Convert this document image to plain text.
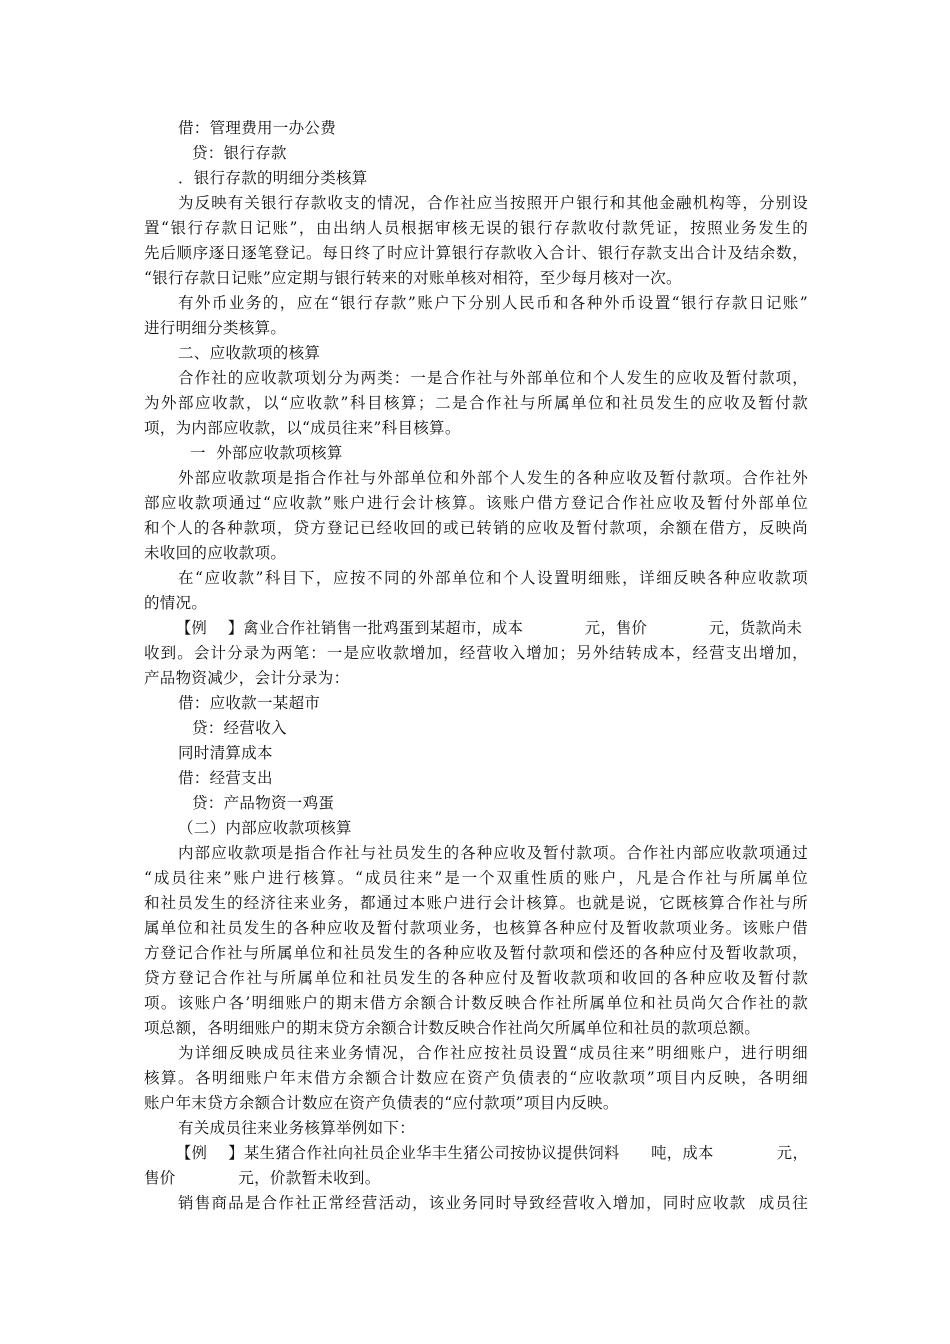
借：管理费用一办公费
贷：银行存款
．银行存款的明细分类核算
为反映有关银行存款收支的情况，合作社应当按照开户银行和其他金融机构等，分别设
置“银行存款日记账”，由出纳人员根据审核无误的银行存款收付款凭证，按照业务发生的
先后顺序逐日逐笔登记。每日终了时应计算银行存款收入合计、银行存款支出合计及结余数，
“银行存款日记账”应定期与银行转来的对账单核对相符，至少每月核对一次。
有外币业务的，应在“银行存款”账户下分别人民币和各种外币设置“银行存款日记账”
进行明细分类核算。
二、应收款项的核算
合作社的应收款项划分为两类：一是合作社与外部单位和个人发生的应收及暂付款项，
为外部应收款，以“应收款”科目核算；二是合作社与所属单位和社员发生的应收及暂付款
项，为内部应收款，以“成员往来”科目核算。
一  外部应收款项核算
外部应收款项是指合作社与外部单位和外部个人发生的各种应收及暂付款项。合作社外
部应收款项通过“应收款”账户进行会计核算。该账户借方登记合作社应收及暂付外部单位
和个人的各种款项，贷方登记已经收回的或已转销的应收及暂付款项，余额在借方，反映尚
未收回的应收款项。
在“应收款”科目下，应按不同的外部单位和个人设置明细账，详细反映各种应收款项
的情况。
【例    】禽业合作社销售一批鸡蛋到某超市，成本            元，售价            元，货款尚未
收到。会计分录为两笔：一是应收款增加，经营收入增加；另外结转成本，经营支出增加，
产品物资减少，会计分录为：
借：应收款一某超市
贷：经营收入
同时清算成本
借：经营支出
贷：产品物资一鸡蛋
（二）内部应收款项核算
内部应收款项是指合作社与社员发生的各种应收及暂付款项。合作社内部应收款项通过
“成员往来”账户进行核算。“成员往来”是一个双重性质的账户，凡是合作社与所属单位
和社员发生的经济往来业务，都通过本账户进行会计核算。也就是说，它既核算合作社与所
属单位和社员发生的各种应收及暂付款项业务，也核算各种应付及暂收款项业务。该账户借
方登记合作社与所属单位和社员发生的各种应收及暂付款项和偿还的各种应付及暂收款项，
贷方登记合作社与所属单位和社员发生的各种应付及暂收款项和收回的各种应收及暂付款
项。该账户各’明细账户的期末借方余额合计数反映合作社所属单位和社员尚欠合作社的款
项总额，各明细账户的期末贷方余额合计数反映合作社尚欠所属单位和社员的款项总额。
为详细反映成员往来业务情况，合作社应按社员设置“成员往来”明细账户，进行明细
核算。各明细账户年末借方余额合计数应在资产负债表的“应收款项”项目内反映，各明细
账户年末贷方余额合计数应在资产负债表的“应付款项”项目内反映。
有关成员往来业务核算举例如下：
【例    】某生猪合作社向社员企业华丰生猪公司按协议提供饲料      吨，成本            元，
售价            元，价款暂未收到。
销售商品是合作社正常经营活动，该业务同时导致经营收入增加，同时应收款  成员往
